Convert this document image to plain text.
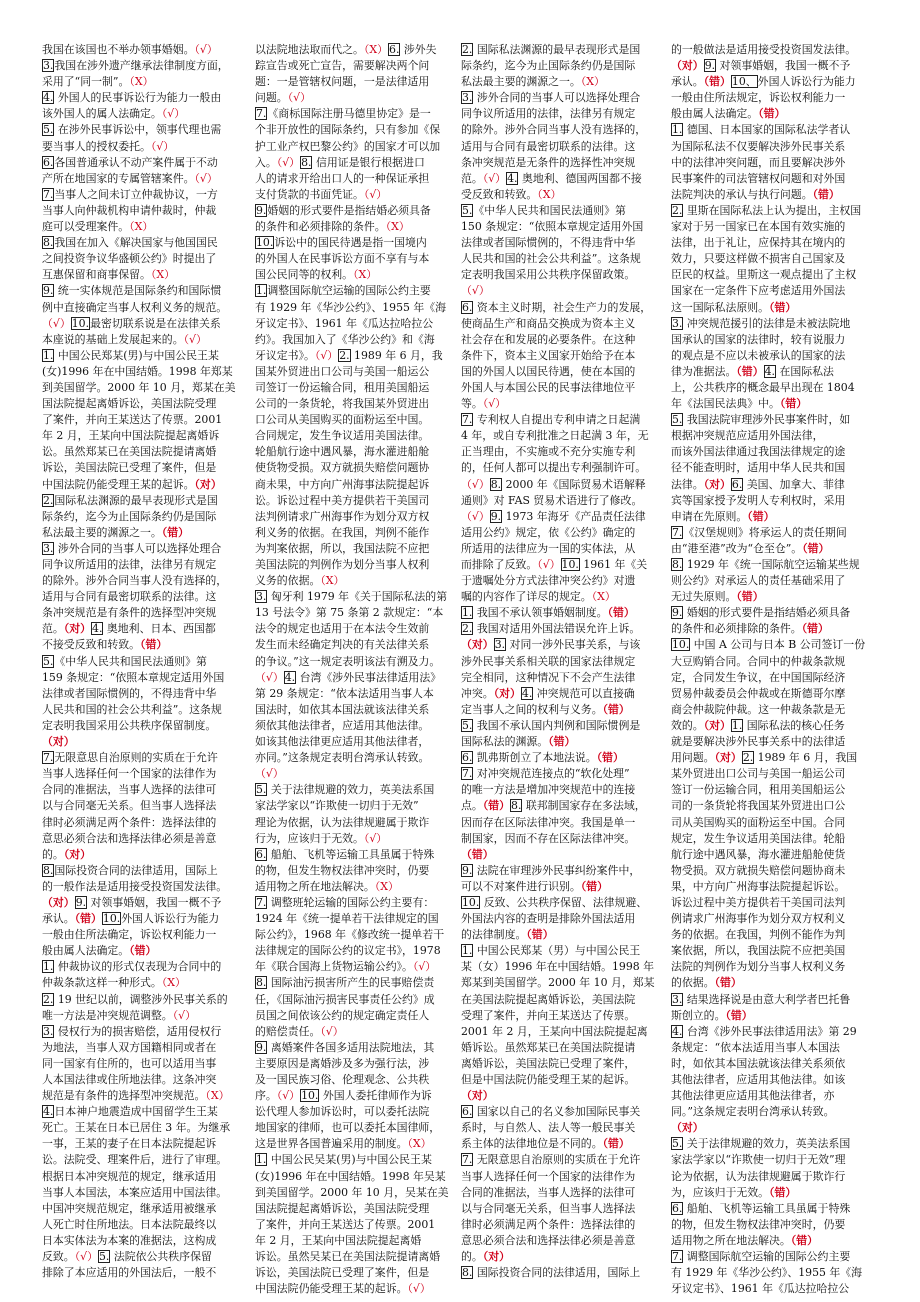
我国在该国也不举办领事婚姻。（√）
3.我国在涉外遗产继承法律制度方面，
采用了“同一制”。（X）
4. 外国人的民事诉讼行为能力一般由
该外国人的属人法确定。（√）
5. 在涉外民事诉讼中，领事代理也需
要当事人的授权委托。（√）
6.各国普通承认不动产案件属于不动
产所在地国家的专属管辖案件。（√）
7.当事人之间未订立仲裁协议，一方
当事人向仲裁机构申请仲裁时，仲裁
庭可以受理案件。（X）
8.我国在加入《解决国家与他国国民
之间投资争议华盛顿公约》时提出了
互惠保留和商事保留。（X）
9. 统一实体规范是国际条约和国际惯
例中直接确定当事人权利义务的规范。
（√）10.最密切联系说是在法律关系
本座说的基础上发展起来的。（√）
1. 中国公民郑某(男)与中国公民王某
(女)1996 年在中国结婚。1998 年郑某
到美国留学。2000 年 10 月，郑某在美
国法院提起离婚诉讼，美国法院受理
了案件，并向王某送达了传票。2001
年 2 月，王某向中国法院提起离婚诉
讼。虽然郑某已在美国法院提请离婚
诉讼，美国法院已受理了案件，但是
中国法院仍能受理王某的起诉。（对）
2.国际私法渊源的最早表现形式是国
际条约，迄今为止国际条约仍是国际
私法最主要的渊源之一。（错）
3. 涉外合同的当事人可以选择处理合
同争议所适用的法律，法律另有规定
的除外。涉外合同当事人没有选择的，
适用与合同有最密切联系的法律。这
条冲突规范是有条件的选择型冲突规
范。（对）4. 奥地利、日本、西国都
不接受反致和转致。（错）
5.《中华人民共和国民法通则》第
159 条规定：“依照本章规定适用外国
法律或者国际惯例的，不得违背中华
人民共和国的社会公共利益”。这条规
定表明我国采用公共秩序保留制度。
（对）
7.无限意思自治原则的实质在于允许
当事人选择任何一个国家的法律作为
合同的准据法，当事人选择的法律可
以与合同毫无关系。但当事人选择法
律时必须满足两个条件：选择法律的
意思必须合法和选择法律必须是善意
的。（对）
8.国际投资合同的法律适用，国际上
的一般作法是适用接受投资国发法律。
（对）9. 对领事婚姻，我国一概不予
承认。（错）10.外国人诉讼行为能力
一般由住所法确定，诉讼权利能力一
般由属人法确定。（错）
1. 仲裁协议的形式仅表现为合同中的
仲裁条款这样一种形式。（X）
2. 19 世纪以前，调整涉外民事关系的
唯一方法是冲突规范调整。（√）
3. 侵权行为的损害赔偿，适用侵权行
为地法，当事人双方国籍相同或者在
同一国家有住所的，也可以适用当事
人本国法律或住所地法律。这条冲突
规范是有条件的选择型冲突规范。（X）
4.日本神户地震造成中国留学生王某
死亡。王某在日本已居住 3 年。为继承
一事，王某的妻子在日本法院提起诉
讼。法院受、理案件后，进行了审理。
根据日本冲突规范的规定，继承适用
当事人本国法，本案应适用中国法律。
中国冲突规范规定，继承适用被继承
人死亡时住所地法。日本法院最终以
日本实体法为本案的准据法，这构成
反致。（√）5. 法院依公共秩序保留
排除了本应适用的外国法后，一般不
以法院地法取而代之。（X）6. 涉外失
踪宣告或死亡宣告，需要解决两个问
题：一是管辖权问题，一是法律适用
问题。（√）
7.《商标国际注册马德里协定》是一
个非开放性的国际条约，只有参加《保
护工业产权巴黎公约》的国家才可以加
入。（√）8. 信用证是银行根据进口
人的请求开给出口人的一种保证承担
支付货款的书面凭证。（√）
9.婚姻的形式要件是指结婚必须具备
的条件和必须排除的条件。（X）
10.诉讼中的国民待遇是指一国境内
的外国人在民事诉讼方面不享有与本
国公民同等的权利。（X）
1.调整国际航空运输的国际公约主要
有 1929 年《华沙公约》、1955 年《海
牙议定书》、1961 年《瓜达拉哈拉公
约》。我国加入了《华沙公约》和《海
牙议定书》。（√）2. 1989 年 6 月，我
国某外贸进出口公司与美国一船运公
司签订一份运输合同，租用美国船运
公司的一条货轮，将我国某外贸进出
口公司从美国购买的面粉运至中国。
合同规定，发生争议适用美国法律。
轮船航行途中遇风暴，海水灌进船舱
使货物受损。双方就损失赔偿问题协
商未果，中方向广州海事法院提起诉
讼。诉讼过程中美方提供若干美国司
法判例请求广州海事作为划分双方权
利义务的依据。在我国，判例不能作
为判案依据，所以，我国法院不应把
美国法院的判例作为划分当事人权利
义务的依据。（X）
3. 匈牙利 1979 年《关于国际私法的第
13 号法令》第 75 条第 2 款规定：“本
法令的规定也适用于在本法令生效前
发生而未经确定判决的有关法律关系
的争议。”这一规定表明该法有溯及力。
（√）4. 台湾《涉外民事法律适用法》
第 29 条规定：“依本法适用当事人本
国法时，如依其本国法就该法律关系
须依其他法律者，应适用其他法律。
如该其他法律更应适用其他法律者，
亦同。”这条规定表明台湾承认转致。
（√）
5. 关于法律规避的效力，英美法系国
家法学家以“诈欺使一切归于无效”
理论为依据，认为法律规避属于欺诈
行为，应该归于无效。（√）
6. 船舶、飞机等运输工具虽属于特殊
的物，但发生物权法律冲突时，仍要
适用物之所在地法解决。（X）
7. 调整班轮运输的国际公约主要有：
1924 年《统一提单若干法律规定的国
际公约》，1968 年《修改统一提单若干
法律规定的国际公约的议定书》，1978
年《联合国海上货物运输公约》。（√）
8. 国际油污损害所产生的民事赔偿责
任，《国际油污损害民事责任公约》成
员国之间依该公约的规定确定责任人
的赔偿责任。（√）
9. 离婚案件各国多适用法院地法，其
主要原因是离婚涉及多为强行法，涉
及一国民族习俗、伦理观念、公共秩
序。（√）10. 外国人委托律师作为诉
讼代理人参加诉讼时，可以委托法院
地国家的律师，也可以委托本国律师，
这是世界各国普遍采用的制度。（X）
1. 中国公民吴某(男)与中国公民王某
(女)1996 年在中国结婚。1998 年吴某
到美国留学。2000 年 10 月，吴某在美
国法院提起离婚诉讼，美国法院受理
了案件，并向王某送达了传票。2001
年 2 月，王某向中国法院提起离婚
诉讼。虽然吴某已在美国法院提请离婚
诉讼，美国法院已受理了案件，但是
中国法院仍能受理王某的起诉。（√）
2. 国际私法渊源的最早表现形式是国
际条约，迄今为止国际条约仍是国际
私法最主要的渊源之一。（X）
3. 涉外合同的当事人可以选择处理合
同争议所适用的法律，法律另有规定
的除外。涉外合同当事人没有选择的，
适用与合同有最密切联系的法律。这
条冲突规范是无条件的选择性冲突规
范。（√）4. 奥地利、德国两国都不接
受反致和转致。（X）
5.《中华人民共和国民法通则》第
150 条规定：“依照本章规定适用外国
法律或者国际惯例的，不得违背中华
人民共和国的社会公共利益”。这条规
定表明我国采用公共秩序保留政策。
（√）
6. 资本主义时期，社会生产力的发展，
使商品生产和商品交换成为资本主义
社会存在和发展的必要条件。在这种
条件下，资本主义国家开始给予在本
国的外国人以国民待遇，使在本国的
外国人与本国公民的民事法律地位平
等。（√）
7. 专利权人自提出专利申请之日起满
4 年，或自专利批准之日起满 3 年，无
正当理由，不实施或不充分实施专利
的，任何人都可以提出专利强制许可。
（√）8. 2000 年《国际贸易术语解释
通则》对 FAS 贸易术语进行了修改。
（√）9. 1973 年海牙《产品责任法律
适用公约》规定，依《公约》确定的
所适用的法律应为一国的实体法，从
而排除了反致。（√）10. 1961 年《关
于遗嘱处分方式法律冲突公约》对遗
嘱的内容作了详尽的规定。（X）
1. 我国不承认领事婚姻制度。（错）
2. 我国对适用外国法错误允许上诉。
（对）3. 对同一涉外民事关系，与该
涉外民事关系相关联的国家法律规定
完全相同，这种情况下不会产生法律
冲突。（对）4. 冲突规范可以直接确
定当事人之间的权利与义务。（错）
5. 我国不承认国内判例和国际惯例是
国际私法的渊源。（错）
6. 凯弗斯创立了本地法说。（错）
7. 对冲突规范连接点的“软化处理”
的唯一方法是增加冲突规范中的连接
点。（错）8. 联邦制国家存在多法域，
因而存在区际法律冲突。我国是单一
制国家，因而不存在区际法律冲突。
（错）
9. 法院在审理涉外民事纠纷案件中，
可以不对案件进行识别。（错）
10. 反致、公共秩序保留、法律规避、
外国法内容的查明是排除外国法适用
的法律制度。（错）
1. 中国公民郑某（男）与中国公民王
某（女）1996 年在中国结婚。1998 年
郑某到美国留学。2000 年 10 月，郑某
在美国法院提起离婚诉讼，美国法院
受理了案件，并向王某送达了传票。
2001 年 2 月，王某向中国法院提起离
婚诉讼。虽然郑某已在美国法院提请
离婚诉讼，美国法院已受理了案件，
但是中国法院仍能受理王某的起诉。
（对）
6. 国家以自己的名义参加国际民事关
系时，与自然人、法人等一般民事关
系主体的法律地位是不同的。（错）
7. 无限意思自治原则的实质在于允许
当事人选择任何一个国家的法律作为
合同的准据法，当事人选择的法律可
以与合同毫无关系，但当事人选择法
律时必须满足两个条件：选择法律的
意思必须合法和选择法律必须是善意
的。（对）
8. 国际投资合同的法律适用，国际上
的一般做法是适用接受投资国发法律。
（对）9. 对领事婚姻，我国一概不予
承认。（错）10、外国人诉讼行为能力
一般由住所法规定，诉讼权利能力一
般由属人法确定。（错）
1. 德国、日本国家的国际私法学者认
为国际私法不仅要解决涉外民事关系
中的法律冲突问题，而且要解决涉外
民事案件的司法管辖权问题和对外国
法院判决的承认与执行问题。（错）
2. 里斯在国际私法上认为提出，主权国
家对于另一国家已在本国有效实施的
法律，出于礼让，应保持其在境内的
效力，只要这样做不损害自己国家及
臣民的权益。里斯这一观点提出了主权
国家在一定条件下应考虑适用外国法
这一国际私法原则。（错）
3. 冲突规范援引的法律是未被法院地
国承认的国家的法律时，较有说服力
的观点是不应以未被承认的国家的法
律为准据法。（错）4. 在国际私法
上，公共秩序的概念最早出现在 1804
年《法国民法典》中。（错）
5. 我国法院审理涉外民事案件时，如
根据冲突规范应适用外国法律，
而该外国法律通过我国法律规定的途
径不能查明时，适用中华人民共和国
法律。（对）6. 美国、加拿大、菲律
宾等国家授予发明人专利权时，采用
申请在先原则。（错）
7.《汉堡规则》将承运人的责任期间
由“港至港”改为“仓至仓”。（错）
8. 1929 年《统一国际航空运输某些规
则公约》对承运人的责任基础采用了
无过失原则。（错）
9. 婚姻的形式要件是指结婚必须具备
的条件和必须排除的条件。（错）
10. 中国 A 公司与日本 B 公司签订一份
大豆购销合同。合同中的仲裁条款规
定，合同发生争议，在中国国际经济
贸易仲裁委员会仲裁或在斯德哥尔摩
商会仲裁院仲裁。这一仲裁条款是无
效的。（对）1. 国际私法的核心任务
就是要解决涉外民事关系中的法律适
用问题。（对）2. 1989 年 6 月，我国
某外贸进出口公司与美国一船运公司
签订一份运输合同，租用美国船运公
司的一条货轮将我国某外贸进出口公
司从美国购买的面粉运至中国。合同
规定，发生争议适用美国法律。轮船
航行途中遇风暴，海水灌进船舱使货
物受损。双方就损失赔偿问题协商未
果，中方向广州海事法院提起诉讼。
诉讼过程中美方提供若干美国司法判
例请求广州海事作为划分双方权利义
务的依据。在我国，判例不能作为判
案依据，所以，我国法院不应把美国
法院的判例作为划分当事人权利义务
的依据。（错）
3. 结果选择说是由意大利学者巴托鲁
斯创立的。（错）
4. 台湾《涉外民事法律适用法》第 29
条规定：“依本法适用当事人本国法
时，如依其本国法就该法律关系须依
其他法律者，应适用其他法律。如该
其他法律更应适用其他法律者，亦
同。”这条规定表明台湾承认转致。
（对）
5. 关于法律规避的效力，英美法系国
家法学家以“诈欺使一切归于无效”理
论为依据，认为法律规避属于欺诈行
为，应该归于无效。（错）
6. 船舶、飞机等运输工具虽属于特殊
的物，但发生物权法律冲突时，仍要
适用物之所在地法解决。（错）
7. 调整国际航空运输的国际公约主要
有 1929 年《华沙公约》、1955 年《海
牙议定书》、1961 年《瓜达拉哈拉公
